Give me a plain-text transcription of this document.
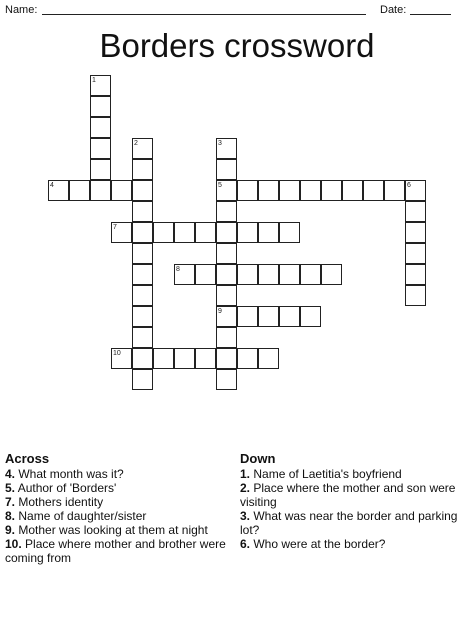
Name:	Date:
Borders crossword
1
2	3
4	5	6
7
8
9
10
Across
4. What month was it?
5. Author of 'Borders'
7. Mothers identity
8. Name of daughter/sister
9. Mother was looking at them at night
10. Place where mother and brother were coming from
Down
1. Name of Laetitia's boyfriend
2. Place where the mother and son were visiting
3. What was near the border and parking lot?
6. Who were at the border?
